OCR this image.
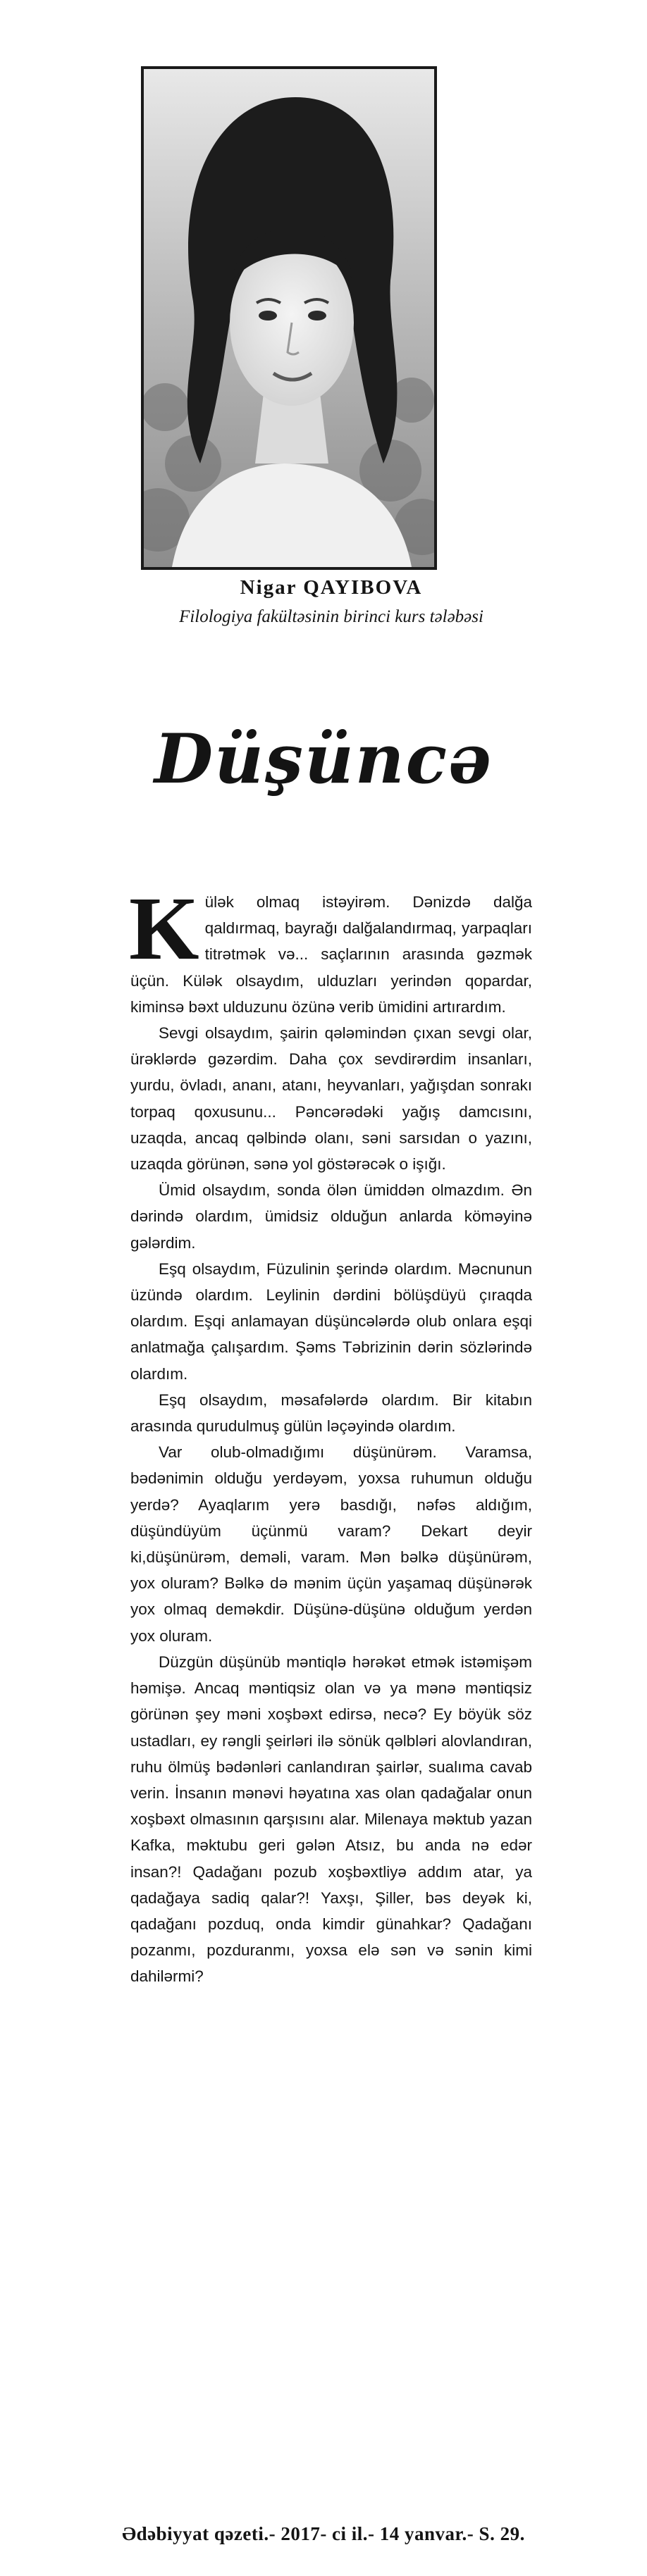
Nigar QAYIBOVA
Filologiya fakültəsinin birinci kurs tələbəsi
Düşüncə

Külək olmaq istəyirəm. Dənizdə dalğa qaldırmaq, bayrağı dalğalandırmaq, yarpaqları titrətmək və... saçlarının arasında gəzmək üçün. Külək olsaydım, ulduzları yerindən qopardar, kiminsə bəxt ulduzunu özünə verib ümidini artırardım.

Sevgi olsaydım, şairin qələmindən çıxan sevgi olar, ürəklərdə gəzərdim. Daha çox sevdirərdim insanları, yurdu, övladı, ananı, atanı, heyvanları, yağışdan sonrakı torpaq qoxusunu... Pəncərədəki yağış damcısını, uzaqda, ancaq qəlbində olanı, səni sarsıdan o yazını, uzaqda görünən, sənə yol göstərəcək o işığı.

Ümid olsaydım, sonda ölən ümiddən olmazdım. Ən dərində olardım, ümidsiz olduğun anlarda köməyinə gələrdim.

Eşq olsaydım, Füzulinin şerində olardım. Məcnunun üzündə olardım. Leylinin dərdini bölüşdüyü çıraqda olardım. Eşqi anlamayan düşüncələrdə olub onlara eşqi anlatmağa çalışardım. Şəms Təbrizinin dərin sözlərində olardım.

Eşq olsaydım, məsafələrdə olardım. Bir kitabın arasında qurudulmuş gülün ləçəyində olardım.

Var olub-olmadığımı düşünürəm. Varamsa, bədənimin olduğu yerdəyəm, yoxsa ruhumun olduğu yerdə? Ayaqlarım yerə basdığı, nəfəs aldığım, düşündüyüm üçünmü varam? Dekart deyir ki,düşünürəm, deməli, varam. Mən bəlkə düşünürəm, yox oluram? Bəlkə də mənim üçün yaşamaq düşünərək yox olmaq deməkdir. Düşünə-düşünə olduğum yerdən yox oluram.

Düzgün düşünüb məntiqlə hərəkət etmək istəmişəm həmişə. Ancaq məntiqsiz olan və ya mənə məntiqsiz görünən şey məni xoşbəxt edirsə, necə? Ey böyük söz ustadları, ey rəngli şeirləri ilə sönük qəlbləri alovlandıran, ruhu ölmüş bədənləri canlandıran şairlər, sualıma cavab verin. İnsanın mənəvi həyatına xas olan qadağalar onun xoşbəxt olmasının qarşısını alar. Milenaya məktub yazan Kafka, məktubu geri gələn Atsız, bu anda nə edər insan?! Qadağanı pozub xoşbəxtliyə addım atar, ya qadağaya sadiq qalar?! Yaxşı, Şiller, bəs deyək ki, qadağanı pozduq, onda kimdir günahkar? Qadağanı pozanmı, pozduranmı, yoxsa elə sən və sənin kimi dahilərmi?

Ədəbiyyat qəzeti.- 2017- ci il.- 14 yanvar.- S. 29.
